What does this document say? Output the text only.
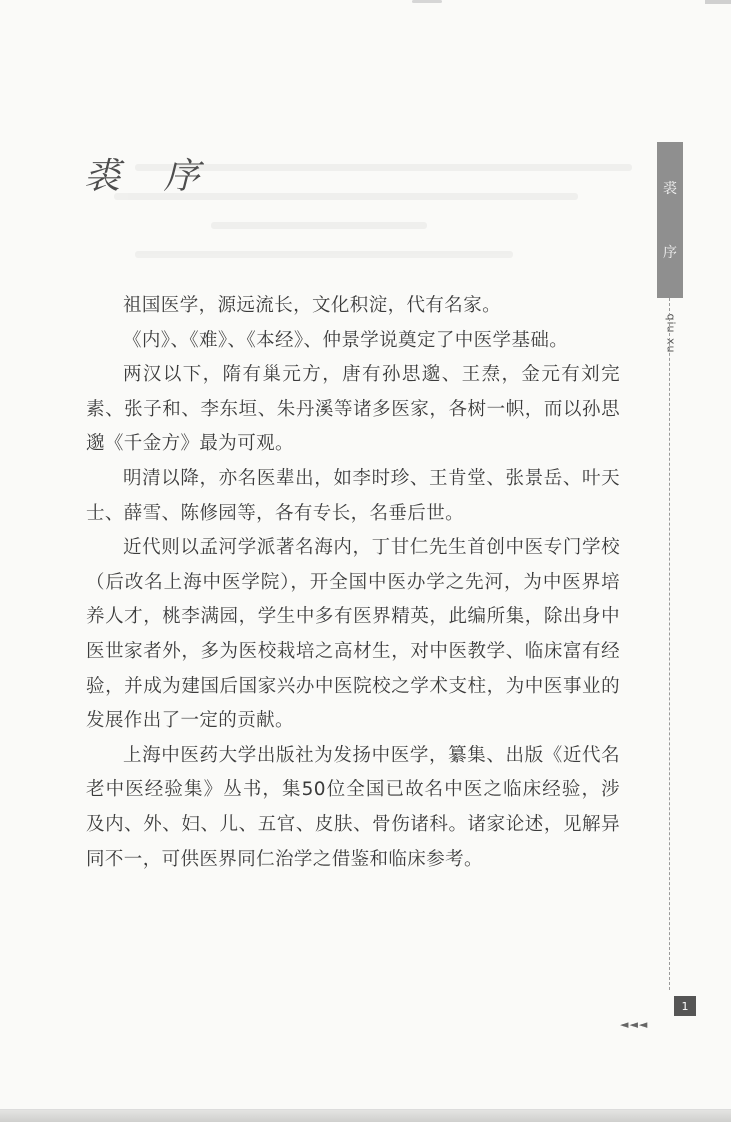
裘 序

祖国医学，源远流长，文化积淀，代有名家。

《内》、《难》、《本经》、仲景学说奠定了中医学基础。

两汉以下，隋有巢元方，唐有孙思邈、王焘，金元有刘完素、张子和、李东垣、朱丹溪等诸多医家，各树一帜，而以孙思邈《千金方》最为可观。

明清以降，亦名医辈出，如李时珍、王肯堂、张景岳、叶天士、薛雪、陈修园等，各有专长，名垂后世。

近代则以孟河学派著名海内，丁甘仁先生首创中医专门学校（后改名上海中医学院），开全国中医办学之先河，为中医界培养人才，桃李满园，学生中多有医界精英，此编所集，除出身中医世家者外，多为医校栽培之高材生，对中医教学、临床富有经验，并成为建国后国家兴办中医院校之学术支柱，为中医事业的发展作出了一定的贡献。

上海中医药大学出版社为发扬中医学，纂集、出版《近代名老中医经验集》丛书，集50位全国已故名中医之临床经验，涉及内、外、妇、儿、五官、皮肤、骨伤诸科。诸家论述，见解异同不一，可供医界同仁治学之借鉴和临床参考。

裘
序
qiu xu
1
◄◄◄
